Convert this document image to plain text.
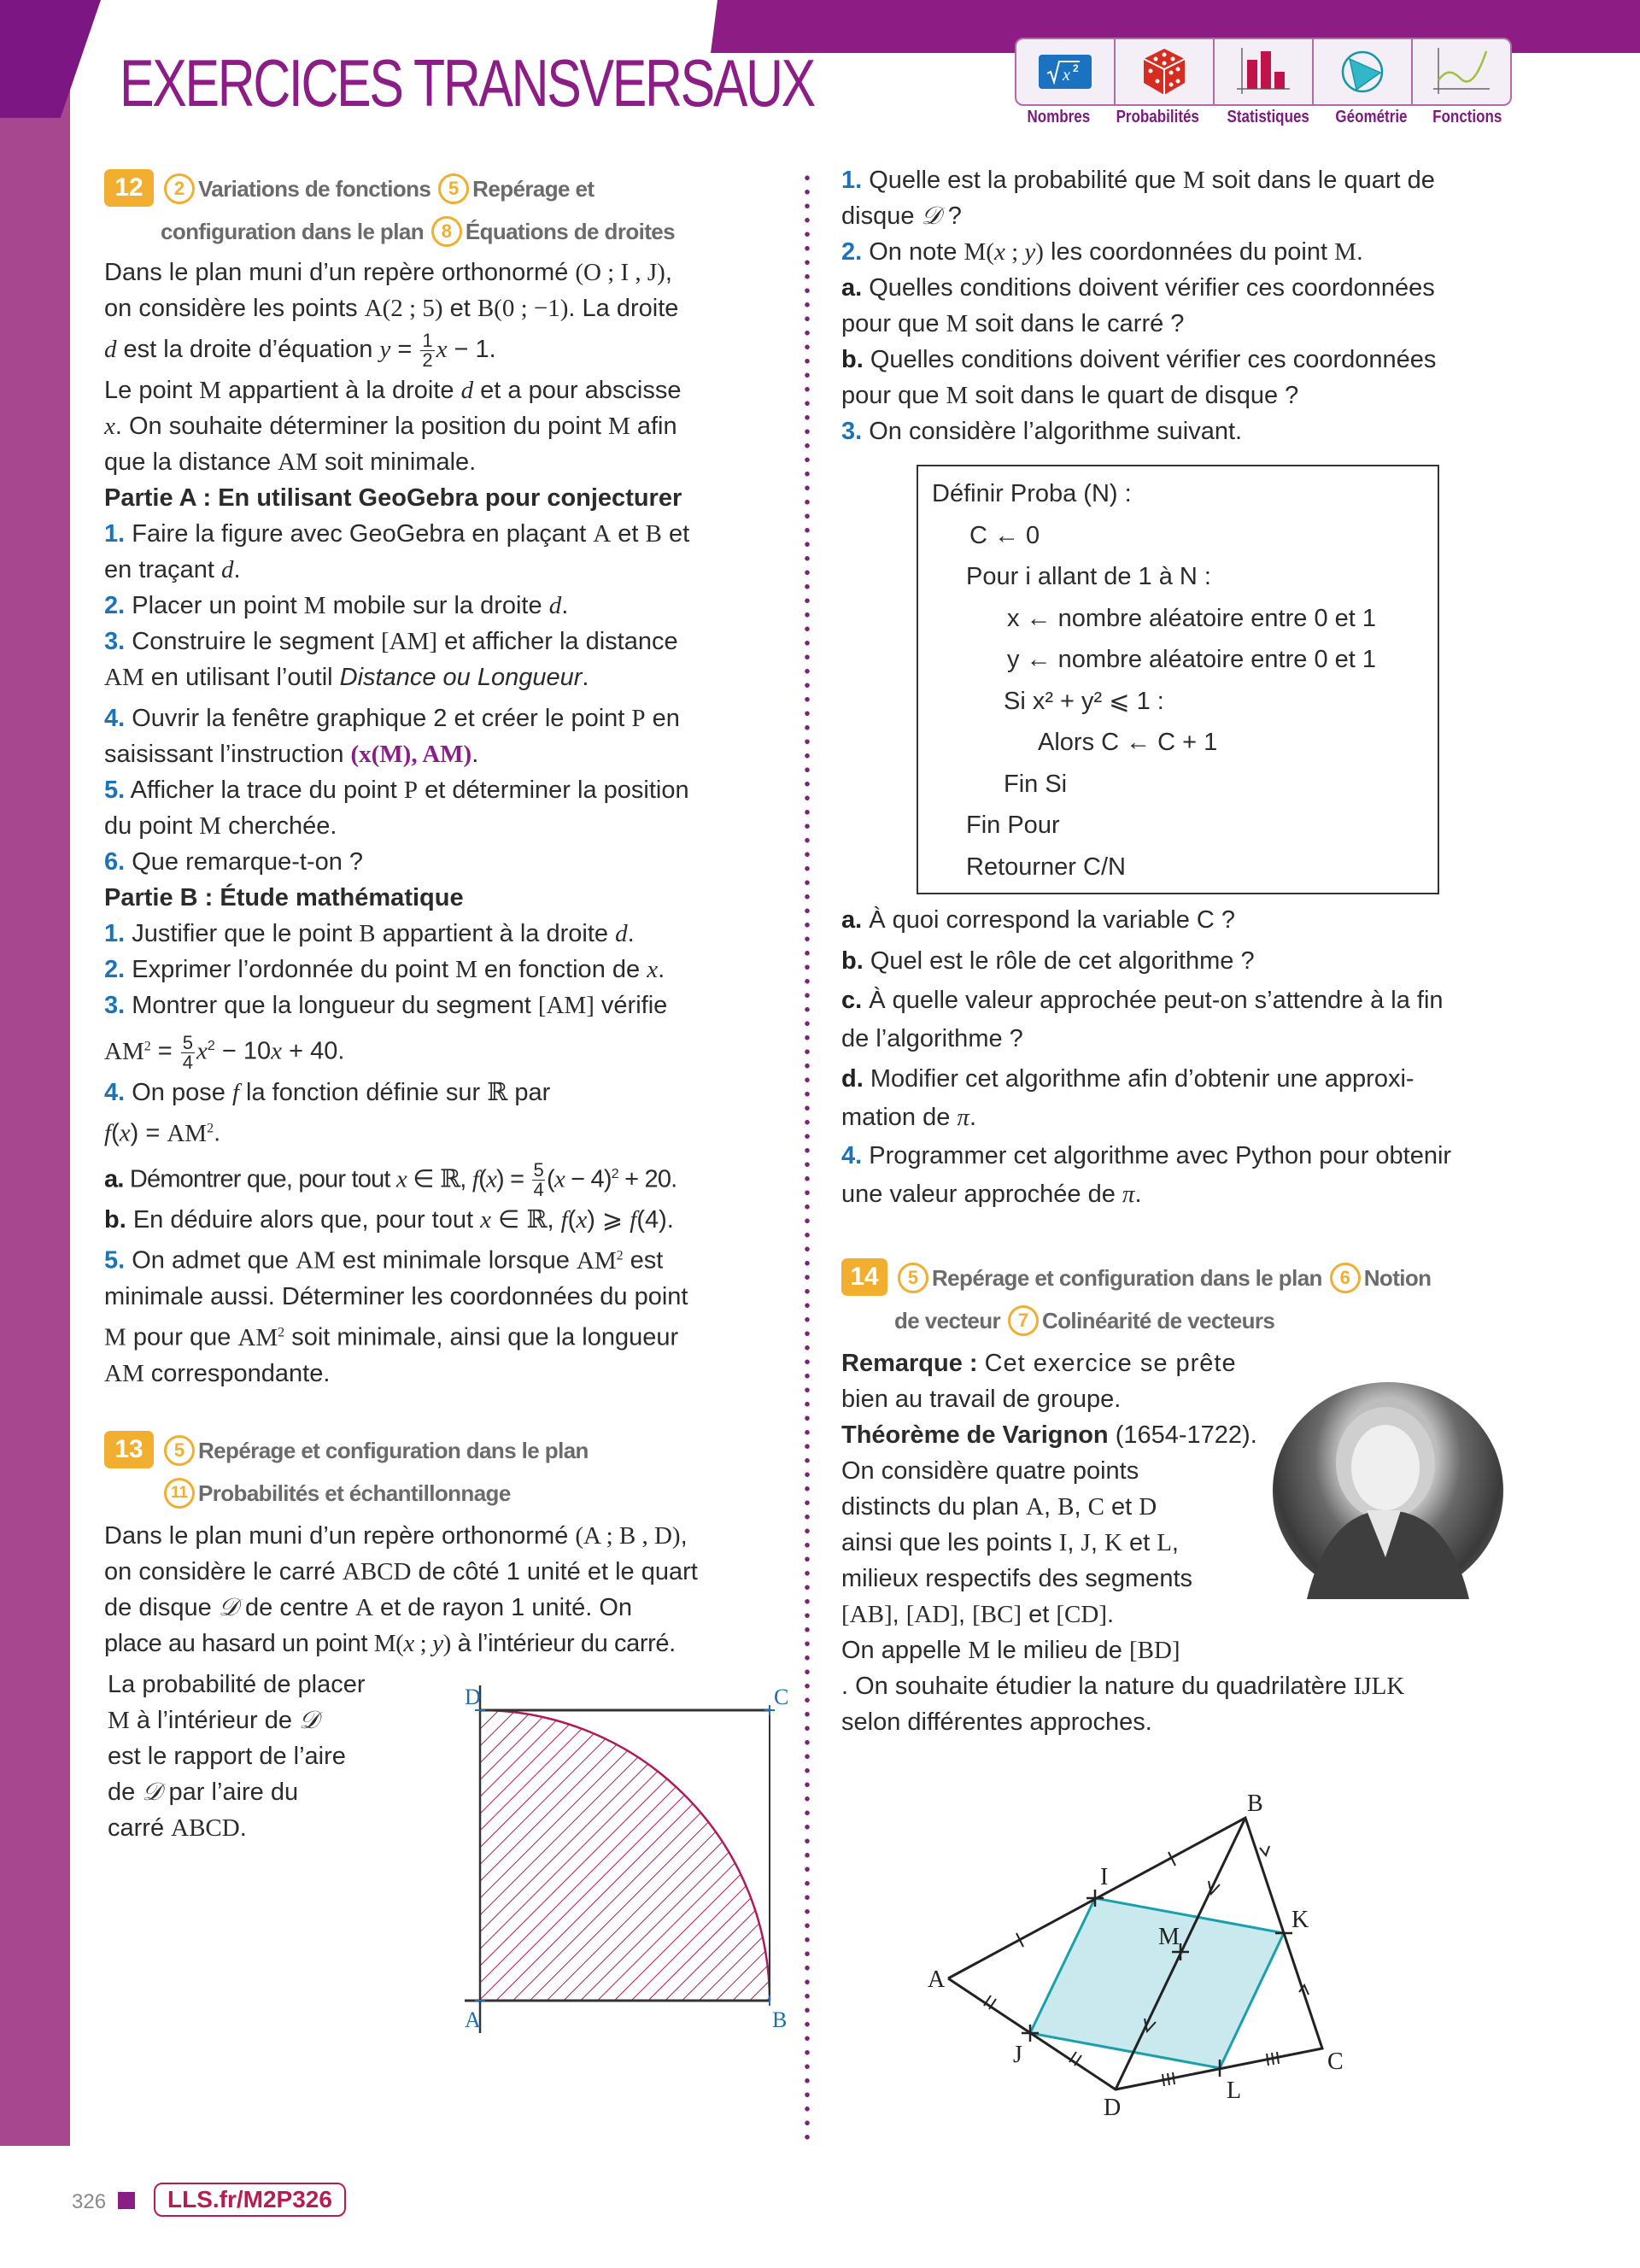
EXERCICES TRANSVERSAUX	x 2
Nombres Probabilités Statistiques Géométrie Fonctions
12	2 Variations de fonctions 5 Repérage et
configuration dans le plan 8 Équations de droites
Dans le plan muni d’un repère orthonormé (O ; I , J),
on considère les points A(2 ; 5) et B(0 ; −1). La droite
d est la droite d’équation $y = \frac{1}{2}$ x − 1.
Le point M appartient à la droite d et a pour abscisse
x. On souhaite déterminer la position du point M afin
que la distance AM soit minimale.
Partie A : En utilisant GeoGebra pour conjecturer
1. Faire la figure avec GeoGebra en plaçant A et B et
en traçant d.
2. Placer un point M mobile sur la droite d.
3. Construire le segment [AM] et afficher la distance
AM en utilisant l’outil Distance ou Longueur.
4. Ouvrir la fenêtre graphique 2 et créer le point P en
saisissant l’instruction (x(M), AM).
5. Afficher la trace du point P et déterminer la position
du point M cherchée.
6. Que remarque-t-on ?
Partie B : Étude mathématique
1. Justifier que le point B appartient à la droite d.
2. Exprimer l’ordonnée du point M en fonction de x.
3. Montrer que la longueur du segment [AM] vérifie
$AM^2 = \frac{5}{4} x^2 - 10x + 40$.
4. On pose f la fonction définie sur ℝ par
$f(x) = AM^2$.
a. Démontrer que, pour tout x ∈ ℝ, $f(x) = \frac{5}{4} (x - 4)^2 + 20$.
b. En déduire alors que, pour tout x ∈ ℝ, f(x) ⩾ f(4).
5. On admet que AM est minimale lorsque $AM^2$ est
minimale aussi. Déterminer les coordonnées du point
M pour que $AM^2$ soit minimale, ainsi que la longueur
AM correspondante.
13	5 Repérage et configuration dans le plan
11 Probabilités et échantillonnage
Dans le plan muni d’un repère orthonormé (A ; B , D),
on considère le carré ABCD de côté 1 unité et le quart
de disque 𝒟 de centre A et de rayon 1 unité. On
place au hasard un point M(x ; y) à l’intérieur du carré.
La probabilité de placer
M à l’intérieur de 𝒟
est le rapport de l’aire
de 𝒟 par l’aire du
carré ABCD.
D	C
A	B
1. Quelle est la probabilité que M soit dans le quart de
disque 𝒟 ?
2. On note M(x ; y) les coordonnées du point M.
a. Quelles conditions doivent vérifier ces coordonnées
pour que M soit dans le carré ?
b. Quelles conditions doivent vérifier ces coordonnées
pour que M soit dans le quart de disque ?
3. On considère l’algorithme suivant.
Définir Proba (N) :
C ← 0
Pour i allant de 1 à N :
x ← nombre aléatoire entre 0 et 1
y ← nombre aléatoire entre 0 et 1
Si x² + y² ⩽ 1 :
Alors C ← C + 1
Fin Si
Fin Pour
Retourner C/N
a. À quoi correspond la variable C ?
b. Quel est le rôle de cet algorithme ?
c. À quelle valeur approchée peut-on s’attendre à la fin
de l’algorithme ?
d. Modifier cet algorithme afin d’obtenir une approxi-
mation de π.
4. Programmer cet algorithme avec Python pour obtenir
une valeur approchée de π.
14	5 Repérage et configuration dans le plan 6 Notion
de vecteur 7 Colinéarité de vecteurs
Remarque : Cet exercice se prête
bien au travail de groupe.
Théorème de Varignon (1654-1722).
On considère quatre points
distincts du plan A, B, C et D
ainsi que les points I, J, K et L,
milieux respectifs des segments
[AB], [AD], [BC] et [CD].
On appelle M le milieu de [BD]
. On souhaite étudier la nature du quadrilatère IJLK
selon différentes approches.
A
B
C
D
I
J
K
L
M
326	LLS.fr/M2P326
